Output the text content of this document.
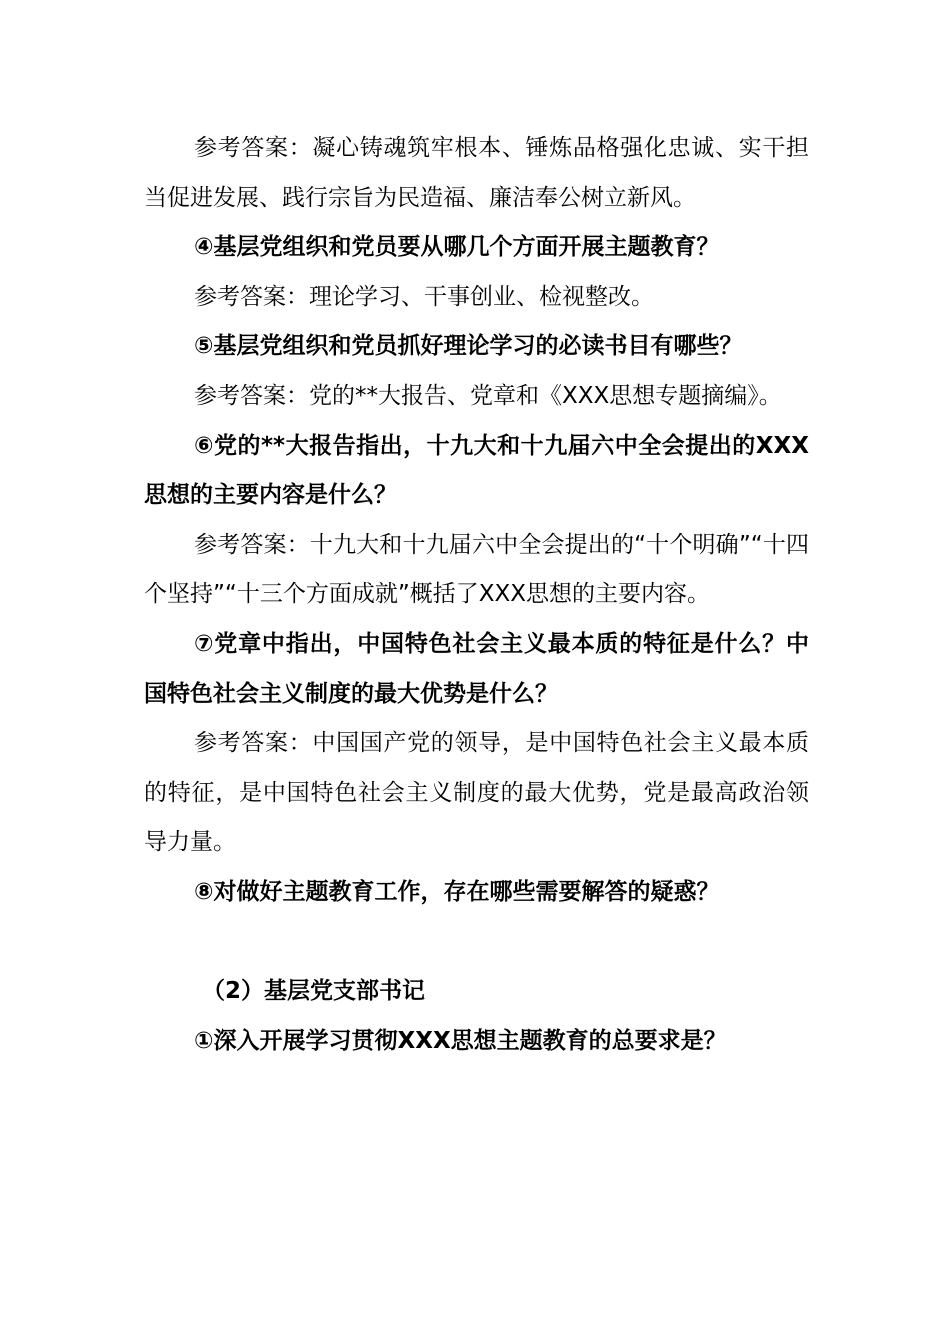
参考答案：凝心铸魂筑牢根本、锤炼品格强化忠诚、实干担当促进发展、践行宗旨为民造福、廉洁奉公树立新风。

④基层党组织和党员要从哪几个方面开展主题教育？

参考答案：理论学习、干事创业、检视整改。

⑤基层党组织和党员抓好理论学习的必读书目有哪些？

参考答案：党的**大报告、党章和《XXX思想专题摘编》。

⑥党的**大报告指出，十九大和十九届六中全会提出的XXX思想的主要内容是什么？

参考答案：十九大和十九届六中全会提出的“十个明确”“十四个坚持”“十三个方面成就”概括了XXX思想的主要内容。

⑦党章中指出，中国特色社会主义最本质的特征是什么？中国特色社会主义制度的最大优势是什么？

参考答案：中国国产党的领导，是中国特色社会主义最本质的特征，是中国特色社会主义制度的最大优势，党是最高政治领导力量。

⑧对做好主题教育工作，存在哪些需要解答的疑惑？

（2）基层党支部书记

①深入开展学习贯彻XXX思想主题教育的总要求是？
